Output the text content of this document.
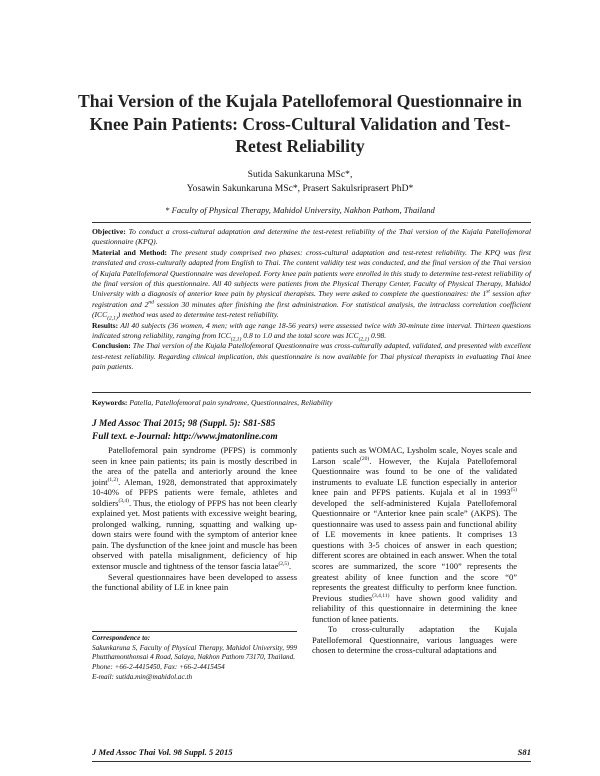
Thai Version of the Kujala Patellofemoral Questionnaire in Knee Pain Patients: Cross-Cultural Validation and Test-Retest Reliability
Sutida Sakunkaruna MSc*,
Yosawin Sakunkaruna MSc*, Prasert Sakulsriprasert PhD*
* Faculty of Physical Therapy, Mahidol University, Nakhon Pathom, Thailand

Objective: To conduct a cross-cultural adaptation and determine the test-retest reliability of the Thai version of the Kujala Patellofemoral questionnaire (KPQ).

Material and Method: The present study comprised two phases: cross-cultural adaptation and test-retest reliability. The KPQ was first translated and cross-culturally adapted from English to Thai. The content validity test was conducted, and the final version of the Thai version of Kujala Patellofemoral Questionnaire was developed. Forty knee pain patients were enrolled in this study to determine test-retest reliability of the final version of this questionnaire. All 40 subjects were patients from the Physical Therapy Center, Faculty of Physical Therapy, Mahidol University with a diagnosis of anterior knee pain by physical therapists. They were asked to complete the questionnaires: the 1st session after registration and 2nd session 30 minutes after finishing the first administration. For statistical analysis, the intraclass correlation coefficient $(ICC_{(2,1)})$ method was used to determine test-retest reliability.

Results: All 40 subjects (36 women, 4 men; with age range 18-56 years) were assessed twice with 30-minute time interval. Thirteen questions indicated strong reliability, ranging from $ICC_{(2,1)}$ 0.8 to 1.0 and the total score was $ICC_{(2,1)}$ 0.98.

Conclusion: The Thai version of the Kujala Patellofemoral Questionnaire was cross-culturally adapted, validated, and presented with excellent test-retest reliability. Regarding clinical implication, this questionnaire is now available for Thai physical therapists in evaluating Thai knee pain patients.

Keywords: Patella, Patellofemoral pain syndrome, Questionnaires, Reliability
J Med Assoc Thai 2015; 98 (Suppl. 5): S81-S85
Full text. e-Journal: http://www.jmatonline.com

Patellofemoral pain syndrome (PFPS) is commonly seen in knee pain patients; its pain is mostly described in the area of the patella and anteriorly around the knee joint$^{(1,2)}$. Aleman, 1928, demonstrated that approximately 10-40% of PFPS patients were female, athletes and soldiers$^{(3,4)}$. Thus, the etiology of PFPS has not been clearly explained yet. Most patients with excessive weight bearing, prolonged walking, running, squatting and walking up-down stairs were found with the symptom of anterior knee pain. The dysfunction of the knee joint and muscle has been observed with patella misalignment, deficiency of hip extensor muscle and tightness of the tensor fascia latae$^{(2,5)}$.

Several questionnaires have been developed to assess the functional ability of LE in knee pain

patients such as WOMAC, Lysholm scale, Noyes scale and Larson scale$^{(20)}$. However, the Kujala Patellofemoral Questionnaire was found to be one of the validated instruments to evaluate LE function especially in anterior knee pain and PFPS patients. Kujala et al in 1993$^{(5)}$ developed the self-administered Kujala Patellofemoral Questionnaire or “Anterior knee pain scale” (AKPS). The questionnaire was used to assess pain and functional ability of LE movements in knee patients. It comprises 13 questions with 3-5 choices of answer in each question; different scores are obtained in each answer. When the total scores are summarized, the score “100” represents the greatest ability of knee function and the score “0” represents the greatest difficulty to perform knee function. Previous studies$^{(3,4,11)}$ have shown good validity and reliability of this questionnaire in determining the knee function of knee patients.

To cross-culturally adaptation the Kujala Patellofemoral Questionnaire, various languages were chosen to determine the cross-cultural adaptations and

Correspondence to:
Sakunkaruna S, Faculty of Physical Therapy, Mahidol University, 999 Phutthamonthonsai 4 Road, Salaya, Nakhon Pathom 73170, Thailand.
Phone: +66-2-4415450, Fax: +66-2-4415454
E-mail: sutida.min@mahidol.ac.th
J Med Assoc Thai Vol. 98 Suppl. 5 2015	S81
